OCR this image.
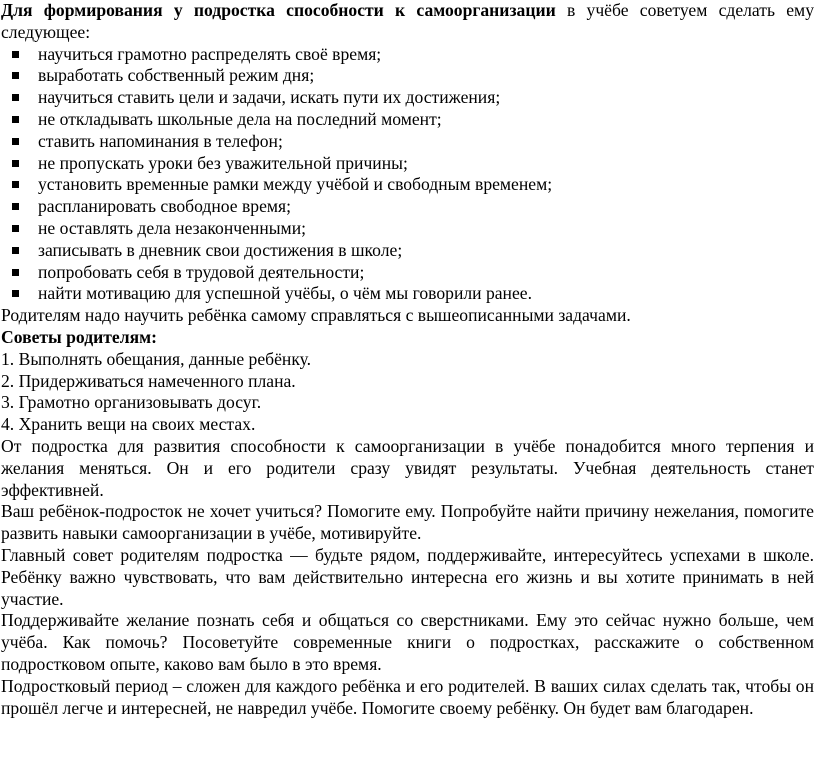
Для формирования у подростка способности к самоорганизации в учёбе советуем сделать ему следующее:

научиться грамотно распределять своё время;
выработать собственный режим дня;
научиться ставить цели и задачи, искать пути их достижения;
не откладывать школьные дела на последний момент;
ставить напоминания в телефон;
не пропускать уроки без уважительной причины;
установить временные рамки между учёбой и свободным временем;
распланировать свободное время;
не оставлять дела незаконченными;
записывать в дневник свои достижения в школе;
попробовать себя в трудовой деятельности;
найти мотивацию для успешной учёбы, о чём мы говорили ранее.

Родителям надо научить ребёнка самому справляться с вышеописанными задачами.

Советы родителям:

1. Выполнять обещания, данные ребёнку.

2. Придерживаться намеченного плана.

3. Грамотно организовывать досуг.

4. Хранить вещи на своих местах.

От подростка для развития способности к самоорганизации в учёбе понадобится много терпения и желания меняться. Он и его родители сразу увидят результаты. Учебная деятельность станет эффективней.

Ваш ребёнок-подросток не хочет учиться? Помогите ему. Попробуйте найти причину нежелания, помогите развить навыки самоорганизации в учёбе, мотивируйте.

Главный совет родителям подростка — будьте рядом, поддерживайте, интересуйтесь успехами в школе. Ребёнку важно чувствовать, что вам действительно интересна его жизнь и вы хотите принимать в ней участие.

Поддерживайте желание познать себя и общаться со сверстниками. Ему это сейчас нужно больше, чем учёба. Как помочь? Посоветуйте современные книги о подростках, расскажите о собственном подростковом опыте, каково вам было в это время.

Подростковый период – сложен для каждого ребёнка и его родителей. В ваших силах сделать так, чтобы он прошёл легче и интересней, не навредил учёбе. Помогите своему ребёнку. Он будет вам благодарен.
